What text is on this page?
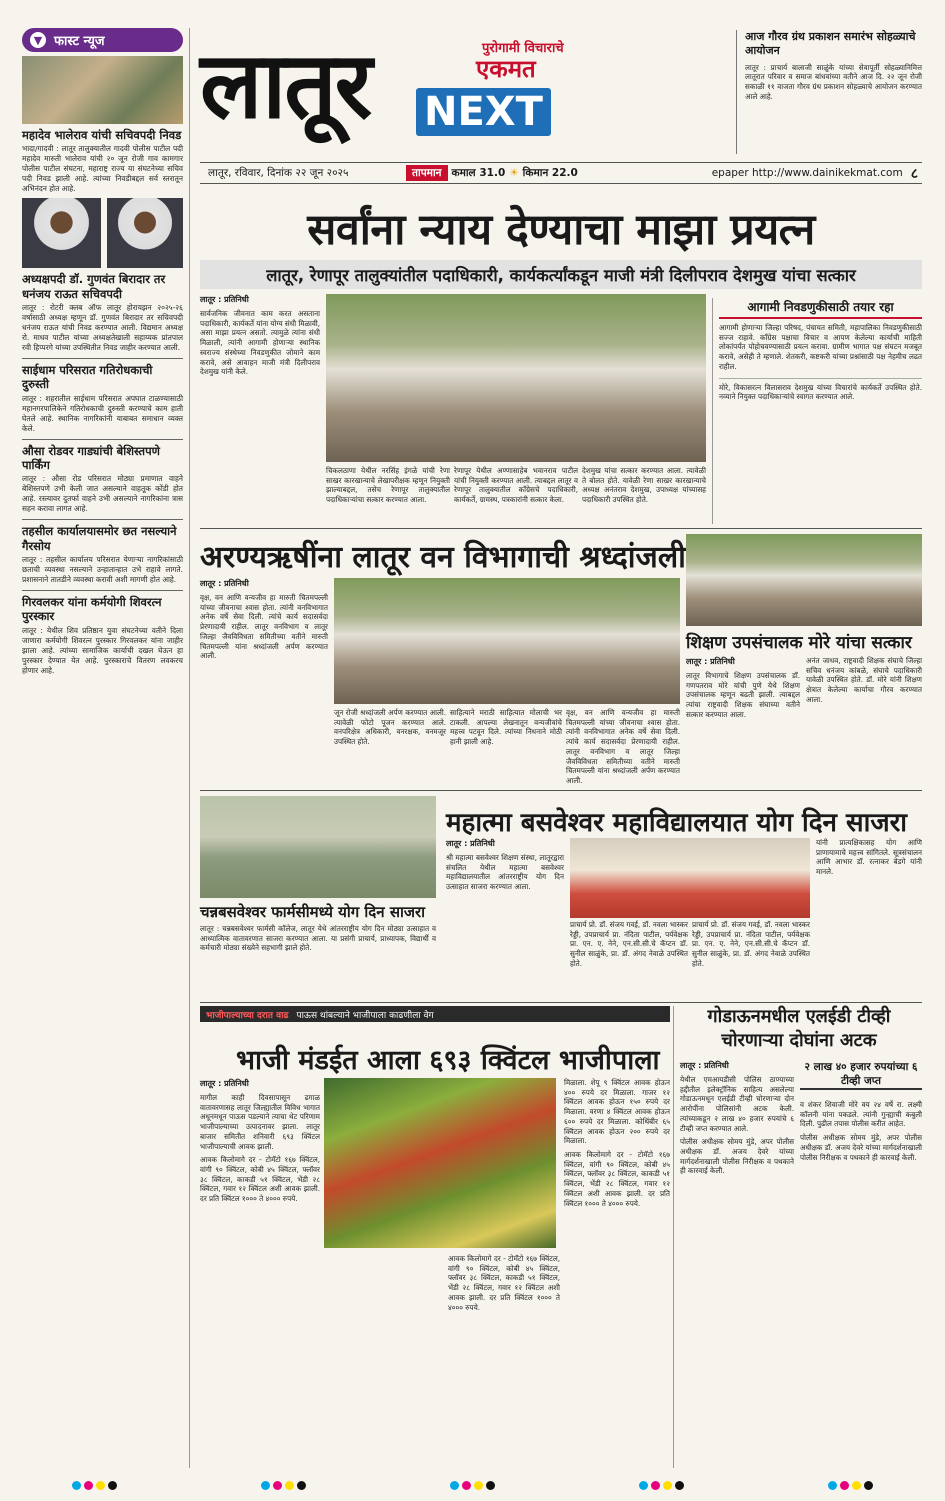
▼ फास्ट न्यूज
महादेव भालेराव यांची सचिवपदी निवड
भादा/गादवी : लातूर तालुक्यातील गादवी पोलीस पाटील पदी महादेव मारुती भालेराव यांची २० जून रोजी गाव कामगार पोलीस पाटील संघटना, महाराष्ट्र राज्य या संघटनेच्या सचिव पदी निवड झाली आहे. त्यांच्या निवडीबद्दल सर्व स्तरातून अभिनंदन होत आहे.
अध्यक्षपदी डॉ. गुणवंत बिरादार तर धनंजय राऊत सचिवपदी
लातूर : रोटरी क्लब ऑफ लातूर होरायझन २०२५-२६ वर्षासाठी अध्यक्ष म्हणून डॉ. गुणवंत बिरादार तर सचिवपदी धनंजय राऊत यांची निवड करण्यात आली. विद्यमान अध्यक्ष रो. माधव पाटील यांच्या अध्यक्षतेखाली सहाय्यक प्रांतपाल रवी हिप्परगे यांच्या उपस्थितीत निवड जाहीर करण्यात आली.
साईधाम परिसरात गतिरोधकाची दुरुस्ती
लातूर : शहरातील साईधाम परिसरात अपघात टाळण्यासाठी महानगरपालिकेने गतिरोधकाची दुरुस्ती करण्याचे काम हाती घेतले आहे. स्थानिक नागरिकांनी याबाबत समाधान व्यक्त केले.
औसा रोडवर गाड्यांची बेशिस्तपणे पार्किंग
लातूर : औसा रोड परिसरात मोठ्या प्रमाणात वाहने बेशिस्तपणे उभी केली जात असल्याने वाहतूक कोंडी होत आहे. रस्त्यावर दुतर्फा वाहने उभी असल्याने नागरिकांना त्रास सहन करावा लागत आहे.
तहसील कार्यालयासमोर छत नसल्याने गैरसोय
लातूर : तहसील कार्यालय परिसरात येणाऱ्या नागरिकांसाठी छताची व्यवस्था नसल्याने उन्हातान्हात उभे राहावे लागते. प्रशासनाने तातडीने व्यवस्था करावी अशी मागणी होत आहे.
गिरवलकर यांना कर्मयोगी शिवरत्न पुरस्कार
लातूर : येथील शिव प्रतिष्ठान युवा संघटनेच्या वतीने दिला जाणारा कर्मयोगी शिवरत्न पुरस्कार गिरवलकर यांना जाहीर झाला आहे. त्यांच्या सामाजिक कार्याची दखल घेऊन हा पुरस्कार देण्यात येत आहे. पुरस्काराचे वितरण लवकरच होणार आहे.
लातूर NEXT
पुरोगामी विचाराचे
एकमत
आज गौरव ग्रंथ प्रकाशन समारंभ सोहळ्याचे आयोजन
लातूर : प्राचार्य बालाजी साळुंके यांच्या सेवापूर्ती सोहळ्यानिमित्त लातूरात परिवार व समाज बांधवांच्या वतीने आज दि. २२ जून रोजी सकाळी ११ वाजता गौरव ग्रंथ प्रकाशन सोहळ्याचे आयोजन करण्यात आले आहे.
लातूर, रविवार, दिनांक २२ जून २०२५	तापमान कमाल 31.0 ☀ किमान 22.0	epaper http://www.dainikekmat.com ८
सर्वांना न्याय देण्याचा माझा प्रयत्न
लातूर, रेणापूर तालुक्यांतील पदाधिकारी, कार्यकर्त्यांकडून माजी मंत्री दिलीपराव देशमुख यांचा सत्कार
लातूर : प्रतिनिधी
सार्वजनिक जीवनात काम करत असताना पदाधिकारी, कार्यकर्ते यांना योग्य संधी मिळावी, असा माझा प्रयत्न असतो. त्यामुळे त्यांना संधी मिळाली, त्यांनी आगामी होणाऱ्या स्थानिक स्वराज्य संस्थेच्या निवडणुकीत जोमाने काम करावे, असे आवाहन माजी मंत्री दिलीपराव देशमुख यांनी केले.
चिकलठाणा येथील नरसिंह इंगळे यांची रेणा साखर कारखान्याचे लेखापरीक्षक म्हणून नियुक्ती झाल्याबद्दल, तसेच रेणापूर तालुक्यातील पदाधिकाऱ्यांचा सत्कार करण्यात आला.
रेणापूर येथील अण्णासाहेब भवानराव पाटील यांची नियुक्ती करण्यात आली. त्याबद्दल लातूर व रेणापूर तालुक्यातील कॉंग्रेसचे पदाधिकारी, कार्यकर्ते, ग्रामस्थ, पत्रकारांनी सत्कार केला.
देशमुख यांचा सत्कार करण्यात आला. त्यावेळी ते बोलत होते. यावेळी रेणा साखर कारखान्याचे अध्यक्ष अनंतराव देशमुख, उपाध्यक्ष यांच्यासह पदाधिकारी उपस्थित होते.
आगामी निवडणुकीसाठी तयार रहा
आगामी होणाऱ्या जिल्हा परिषद, पंचायत समिती, महापालिका निवडणुकीसाठी सज्ज राहावे. कॉंग्रेस पक्षाचा विचार व आपण केलेल्या कार्याची माहिती लोकांपर्यंत पोहोचवण्यासाठी प्रयत्न करावा. ग्रामीण भागात पक्ष संघटन मजबूत करावे, असेही ते म्हणाले. शेतकरी, कष्टकरी यांच्या प्रश्नांसाठी पक्ष नेहमीच लढत राहील.
मोरे, विकासरत्न विलासराव देशमुख यांच्या विचारांचे कार्यकर्ते उपस्थित होते. नव्याने नियुक्त पदाधिकाऱ्यांचे स्वागत करण्यात आले.
अरण्यऋषींना लातूर वन विभागाची श्रध्दांजली
लातूर : प्रतिनिधी
वृक्ष, वन आणि वन्यजीव हा मारुती चितमपल्ली यांच्या जीवनाचा श्वास होता. त्यांनी वनविभागात अनेक वर्षे सेवा दिली. त्यांचे कार्य सदासर्वदा प्रेरणादायी राहील. लातूर वनविभाग व लातूर जिल्हा जैवविविधता समितीच्या वतीने मारुती चितमपल्ली यांना श्रध्दांजली अर्पण करण्यात आली.
जून रोजी श्रध्दांजली अर्पण करण्यात आली. त्यावेळी फोटो पूजन करण्यात आले. वनपरिक्षेत्र अधिकारी, वनरक्षक, वनमजूर उपस्थित होते.
साहित्याने मराठी साहित्यात मोलाची भर टाकली. आपल्या लेखनातून वन्यजीवांचे महत्त्व पटवून दिले. त्यांच्या निधनाने मोठी हानी झाली आहे.
वृक्ष, वन आणि वन्यजीव हा मारुती चितमपल्ली यांच्या जीवनाचा श्वास होता. त्यांनी वनविभागात अनेक वर्षे सेवा दिली. त्यांचे कार्य सदासर्वदा प्रेरणादायी राहील. लातूर वनविभाग व लातूर जिल्हा जैवविविधता समितीच्या वतीने मारुती चितमपल्ली यांना श्रध्दांजली अर्पण करण्यात आली.
शिक्षण उपसंचालक मोरे यांचा सत्कार
लातूर : प्रतिनिधी
लातूर विभागाचे शिक्षण उपसंचालक डॉ. गणपतराव मोरे यांची पुणे येथे शिक्षण उपसंचालक म्हणून बढती झाली. त्याबद्दल त्यांचा राष्ट्रवादी शिक्षक संघाच्या वतीने सत्कार करण्यात आला.
अनंत जाधव, राष्ट्रवादी शिक्षक संघाचे जिल्हा सचिव धनंजय कांबळे, संघाचे पदाधिकारी यावेळी उपस्थित होते. डॉ. मोरे यांनी शिक्षण क्षेत्रात केलेल्या कार्याचा गौरव करण्यात आला.
चन्नबसवेश्वर फार्मसीमध्ये योग दिन साजरा
लातूर : चन्नबसवेश्वर फार्मसी कॉलेज, लातूर येथे आंतरराष्ट्रीय योग दिन मोठ्या उत्साहात व आध्यात्मिक वातावरणात साजरा करण्यात आला. या प्रसंगी प्राचार्य, प्राध्यापक, विद्यार्थी व कर्मचारी मोठ्या संख्येने सहभागी झाले होते.
महात्मा बसवेश्वर महाविद्यालयात योग दिन साजरा
लातूर : प्रतिनिधी
श्री महात्मा बसवेश्वर शिक्षण संस्था, लातूरद्वारा संचलित येथील महात्मा बसवेश्वर महाविद्यालयातील आंतरराष्ट्रीय योग दिन उत्साहात साजरा करण्यात आला.
प्राचार्य प्रो. डॉ. संजय गवई, डॉ. नवला भास्कर रेड्डी, उपप्राचार्य प्रा. नंदिता पाटील, पर्यवेक्षक प्रा. एन. ए. नेने, एन.सी.सी.चे कॅप्टन डॉ. सुनील साळुंके, प्रा. डॉ. अंगद नेवाळे उपस्थित होते.
प्राचार्य प्रो. डॉ. संजय गवई, डॉ. नवला भास्कर रेड्डी, उपप्राचार्य प्रा. नंदिता पाटील, पर्यवेक्षक प्रा. एन. ए. नेने, एन.सी.सी.चे कॅप्टन डॉ. सुनील साळुंके, प्रा. डॉ. अंगद नेवाळे उपस्थित होते.
यांनी प्रात्यक्षिकासह योग आणि प्राणायामाचे महत्त्व सांगितले. सूत्रसंचालन आणि आभार डॉ. रत्नाकर बेडगे यांनी मानले.
भाजीपाल्याच्या दरात वाढ पाऊस थांबल्याने भाजीपाला काढणीला वेग
भाजी मंडईत आला ६९३ क्विंटल भाजीपाला
लातूर : प्रतिनिधी
मागील काही दिवसापासून ढगाळ वातावरणासह लातूर जिल्ह्यातील विविध भागात अधूनमधून पाऊस पडल्याने त्याचा थेट परिणाम भाजीपाल्याच्या उत्पादनावर झाला. लातूर बाजार समितीत शनिवारी ६९३ क्विंटल भाजीपाल्याची आवक झाली.
आवक किलोमागे दर - टोमॅटो १६७ क्विंटल, वांगी ९० क्विंटल, कोबी ४५ क्विंटल, फ्लॉवर ३८ क्विंटल, काकडी ५१ क्विंटल, भेंडी २८ क्विंटल, गवार १२ क्विंटल अशी आवक झाली. दर प्रति क्विंटल १००० ते ४००० रुपये.
आवक किलोमागे दर - टोमॅटो १६७ क्विंटल, वांगी ९० क्विंटल, कोबी ४५ क्विंटल, फ्लॉवर ३८ क्विंटल, काकडी ५१ क्विंटल, भेंडी २८ क्विंटल, गवार १२ क्विंटल अशी आवक झाली. दर प्रति क्विंटल १००० ते ४००० रुपये.
मिळाला. शेपू ९ क्विंटल आवक होऊन ४०० रुपये दर मिळाला. गाजर १२ क्विंटल आवक होऊन १५० रुपये दर मिळाला. वरणा ४ क्विंटल आवक होऊन ६०० रुपये दर मिळाला. कोथिंबीर ६५ क्विंटल आवक होऊन २०० रुपये दर मिळाला.
आवक किलोमागे दर - टोमॅटो १६७ क्विंटल, वांगी ९० क्विंटल, कोबी ४५ क्विंटल, फ्लॉवर ३८ क्विंटल, काकडी ५१ क्विंटल, भेंडी २८ क्विंटल, गवार १२ क्विंटल अशी आवक झाली. दर प्रति क्विंटल १००० ते ४००० रुपये.
गोडाऊनमधील एलईडी टीव्ही चोरणाऱ्या दोघांना अटक
लातूर : प्रतिनिधी
येथील एमआयडीसी पोलिस ठाण्याच्या हद्दीतील इलेक्ट्रॉनिक साहित्य असलेल्या गोडाऊनमधून एलईडी टीव्ही चोरणाऱ्या दोन आरोपींना पोलिसांनी अटक केली. त्यांच्याकडून २ लाख ४० हजार रुपयांचे ६ टीव्ही जप्त करण्यात आले.
पोलीस अधीक्षक सोमय मुंडे, अपर पोलीस अधीक्षक डॉ. अजय देवरे यांच्या मार्गदर्शनाखाली पोलीस निरीक्षक व पथकाने ही कारवाई केली.
२ लाख ४० हजार रुपयांच्या ६ टीव्ही जप्त
व शंकर शिवाजी मोरे वय २४ वर्षे रा. लक्ष्मी कॉलनी यांना पकडले. त्यांनी गुन्ह्याची कबुली दिली. पुढील तपास पोलीस करीत आहेत.
पोलीस अधीक्षक सोमय मुंडे, अपर पोलीस अधीक्षक डॉ. अजय देवरे यांच्या मार्गदर्शनाखाली पोलीस निरीक्षक व पथकाने ही कारवाई केली.
